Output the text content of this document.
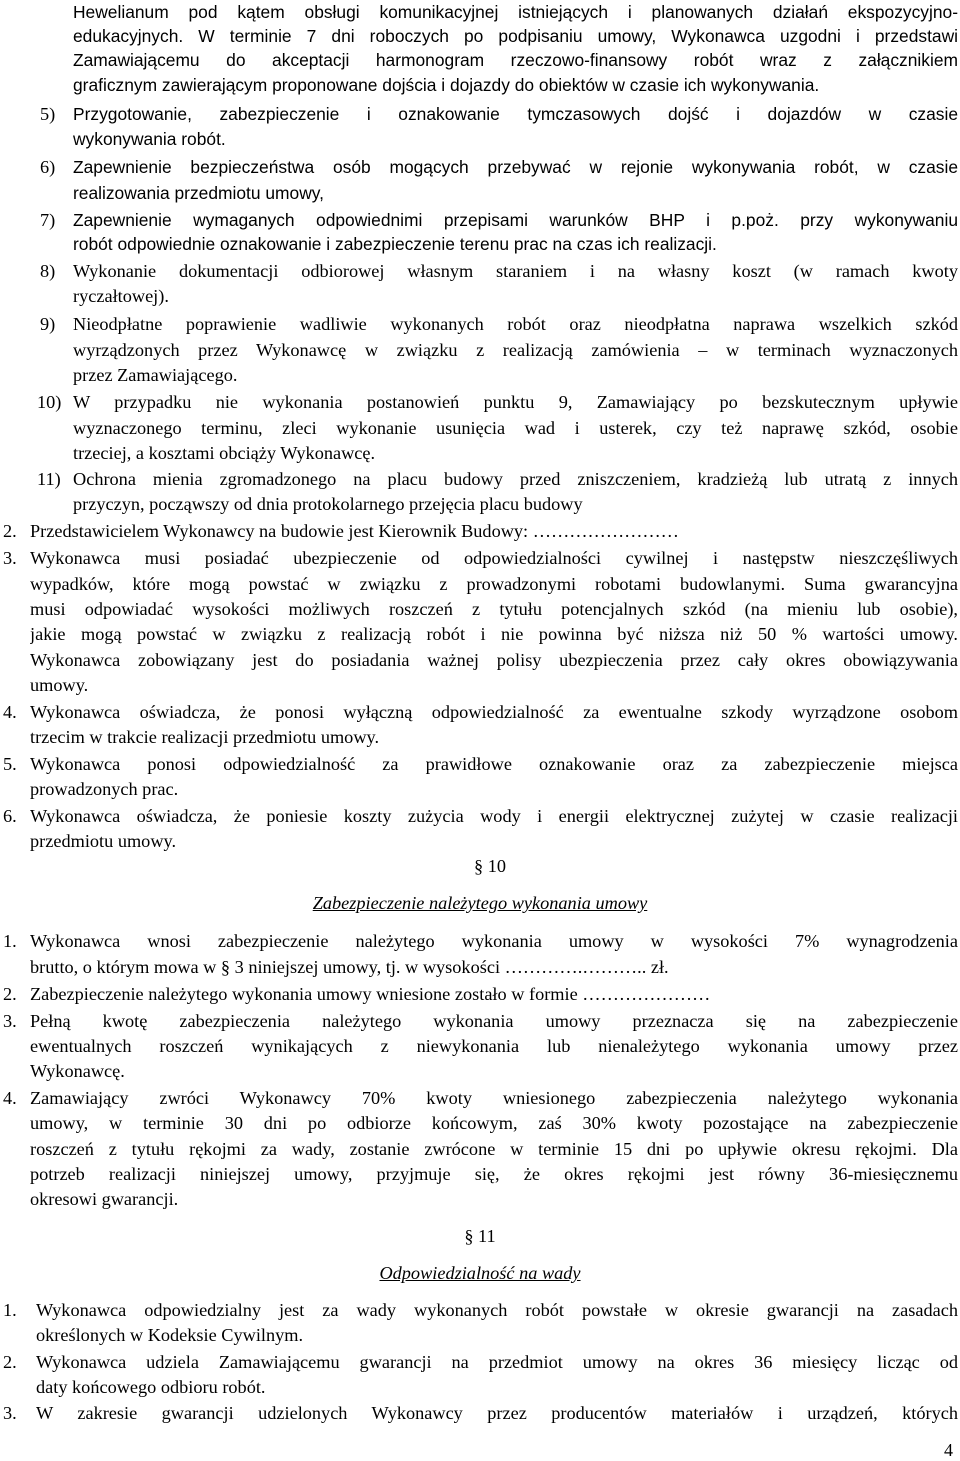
Hewelianum pod kątem obsługi komunikacyjnej istniejących i planowanych działań ekspozycyjno-
edukacyjnych. W terminie 7 dni roboczych po podpisaniu umowy, Wykonawca uzgodni i przedstawi
Zamawiającemu do akceptacji harmonogram rzeczowo-finansowy robót wraz z załącznikiem
graficznym zawierającym proponowane dojścia i dojazdy do obiektów w czasie ich wykonywania.
5) Przygotowanie, zabezpieczenie i oznakowanie tymczasowych dojść i dojazdów w czasie
wykonywania robót.
6) Zapewnienie bezpieczeństwa osób mogących przebywać w rejonie wykonywania robót, w czasie
realizowania przedmiotu umowy,
7) Zapewnienie wymaganych odpowiednimi przepisami warunków BHP i p.poż. przy wykonywaniu
robót odpowiednie oznakowanie i zabezpieczenie terenu prac na czas ich realizacji.
8) Wykonanie dokumentacji odbiorowej własnym staraniem i na własny koszt (w ramach kwoty
ryczałtowej).
9) Nieodpłatne poprawienie wadliwie wykonanych robót oraz nieodpłatna naprawa wszelkich szkód
wyrządzonych przez Wykonawcę w związku z realizacją zamówienia – w terminach wyznaczonych
przez Zamawiającego.
10) W przypadku nie wykonania postanowień punktu 9, Zamawiający po bezskutecznym upływie
wyznaczonego terminu, zleci wykonanie usunięcia wad i usterek, czy też naprawę szkód, osobie
trzeciej, a kosztami obciąży Wykonawcę.
11) Ochrona mienia zgromadzonego na placu budowy przed zniszczeniem, kradzieżą lub utratą z innych
przyczyn, począwszy od dnia protokolarnego przejęcia placu budowy
2. Przedstawicielem Wykonawcy na budowie jest Kierownik Budowy: ……………………
3. Wykonawca musi posiadać ubezpieczenie od odpowiedzialności cywilnej i następstw nieszczęśliwych
wypadków, które mogą powstać w związku z prowadzonymi robotami budowlanymi. Suma gwarancyjna
musi odpowiadać wysokości możliwych roszczeń z tytułu potencjalnych szkód (na mieniu lub osobie),
jakie mogą powstać w związku z realizacją robót i nie powinna być niższa niż 50 % wartości umowy.
Wykonawca zobowiązany jest do posiadania ważnej polisy ubezpieczenia przez cały okres obowiązywania
umowy.
4. Wykonawca oświadcza, że ponosi wyłączną odpowiedzialność za ewentualne szkody wyrządzone osobom
trzecim w trakcie realizacji przedmiotu umowy.
5. Wykonawca ponosi odpowiedzialność za prawidłowe oznakowanie oraz za zabezpieczenie miejsca
prowadzonych prac.
6. Wykonawca oświadcza, że poniesie koszty zużycia wody i energii elektrycznej zużytej w czasie realizacji
przedmiotu umowy.
§ 10
Zabezpieczenie należytego wykonania umowy
1. Wykonawca wnosi zabezpieczenie należytego wykonania umowy w wysokości 7% wynagrodzenia
brutto, o którym mowa w § 3 niniejszej umowy, tj. w wysokości ………….……….. zł.
2. Zabezpieczenie należytego wykonania umowy wniesione zostało w formie …………………
3. Pełną kwotę zabezpieczenia należytego wykonania umowy przeznacza się na zabezpieczenie
ewentualnych roszczeń wynikających z niewykonania lub nienależytego wykonania umowy przez
Wykonawcę.
4. Zamawiający zwróci Wykonawcy 70% kwoty wniesionego zabezpieczenia należytego wykonania
umowy, w terminie 30 dni po odbiorze końcowym, zaś 30% kwoty pozostające na zabezpieczenie
roszczeń z tytułu rękojmi za wady, zostanie zwrócone w terminie 15 dni po upływie okresu rękojmi. Dla
potrzeb realizacji niniejszej umowy, przyjmuje się, że okres rękojmi jest równy 36-miesięcznemu
okresowi gwarancji.
§ 11
Odpowiedzialność na wady
1. Wykonawca odpowiedzialny jest za wady wykonanych robót powstałe w okresie gwarancji na zasadach
określonych w Kodeksie Cywilnym.
2. Wykonawca udziela Zamawiającemu gwarancji na przedmiot umowy na okres 36 miesięcy licząc od
daty końcowego odbioru robót.
3. W zakresie gwarancji udzielonych Wykonawcy przez producentów materiałów i urządzeń, których
4
